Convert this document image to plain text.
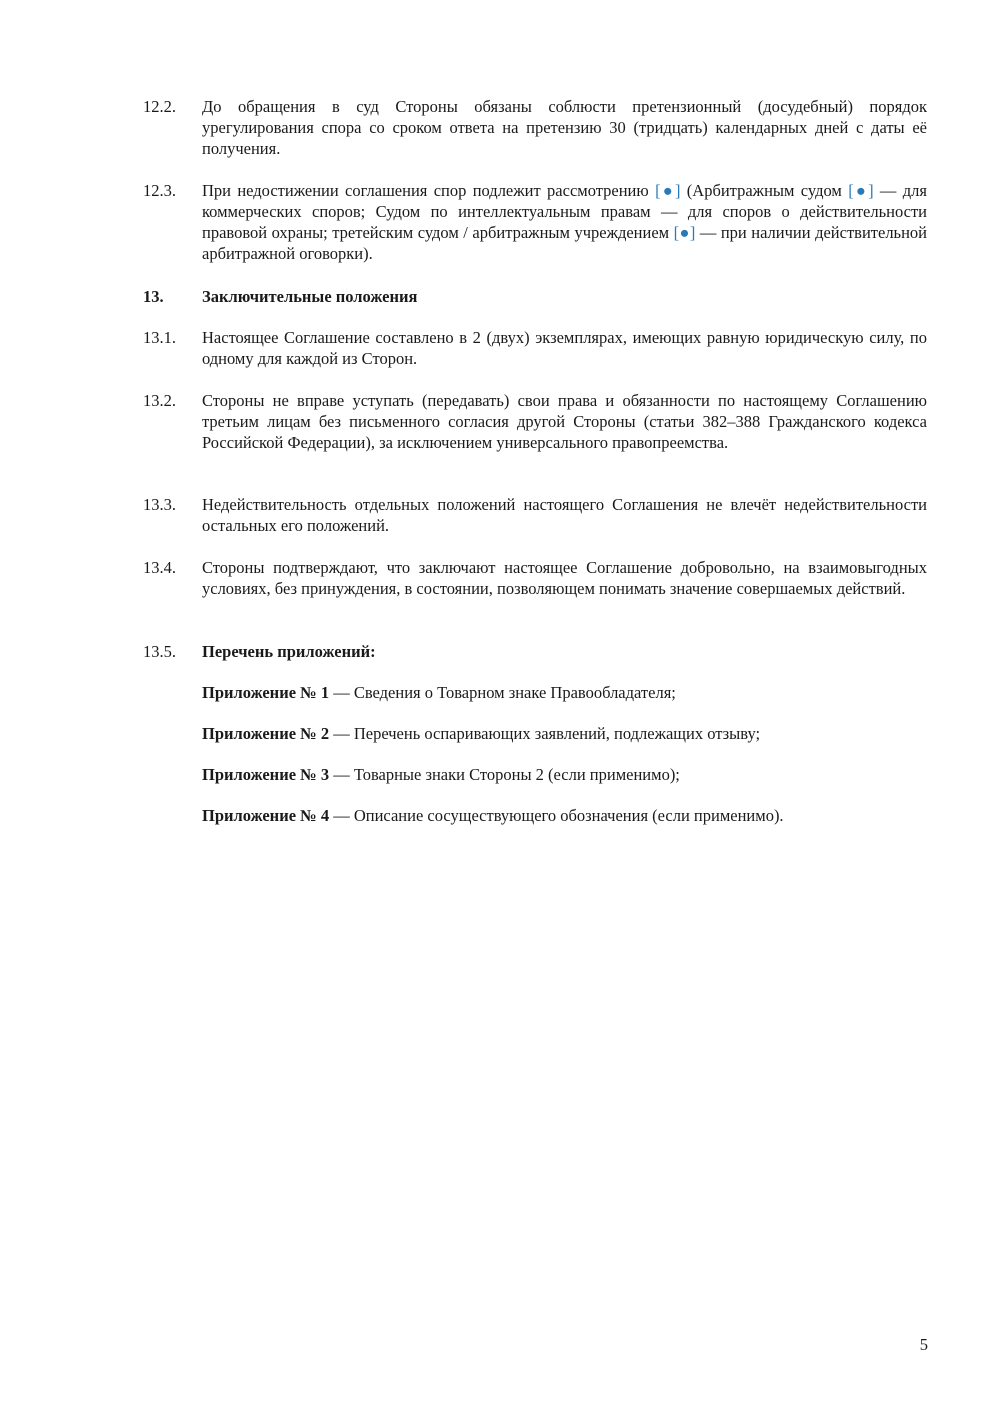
12.2.	До обращения в суд Стороны обязаны соблюсти претензионный (досудебный) порядок урегулирования спора со сроком ответа на претензию 30 (тридцать) календарных дней с даты её получения.
12.3.	При недостижении соглашения спор подлежит рассмотрению [●] (Арбитражным судом [●] — для коммерческих споров; Судом по интеллектуальным правам — для споров о действительности правовой охраны; третейским судом / арбитражным учреждением [●] — при наличии действительной арбитражной оговорки).
13.	Заключительные положения
13.1.	Настоящее Соглашение составлено в 2 (двух) экземплярах, имеющих равную юридическую силу, по одному для каждой из Сторон.
13.2.	Стороны не вправе уступать (передавать) свои права и обязанности по настоящему Соглашению третьим лицам без письменного согласия другой Стороны (статьи 382–388 Гражданского кодекса Российской Федерации), за исключением универсального правопреемства.
13.3.	Недействительность отдельных положений настоящего Соглашения не влечёт недействительности остальных его положений.
13.4.	Стороны подтверждают, что заключают настоящее Соглашение добровольно, на взаимовыгодных условиях, без принуждения, в состоянии, позволяющем понимать значение совершаемых действий.
13.5.	Перечень приложений:
Приложение № 1 — Сведения о Товарном знаке Правообладателя;
Приложение № 2 — Перечень оспаривающих заявлений, подлежащих отзыву;
Приложение № 3 — Товарные знаки Стороны 2 (если применимо);
Приложение № 4 — Описание сосуществующего обозначения (если применимо).
5
